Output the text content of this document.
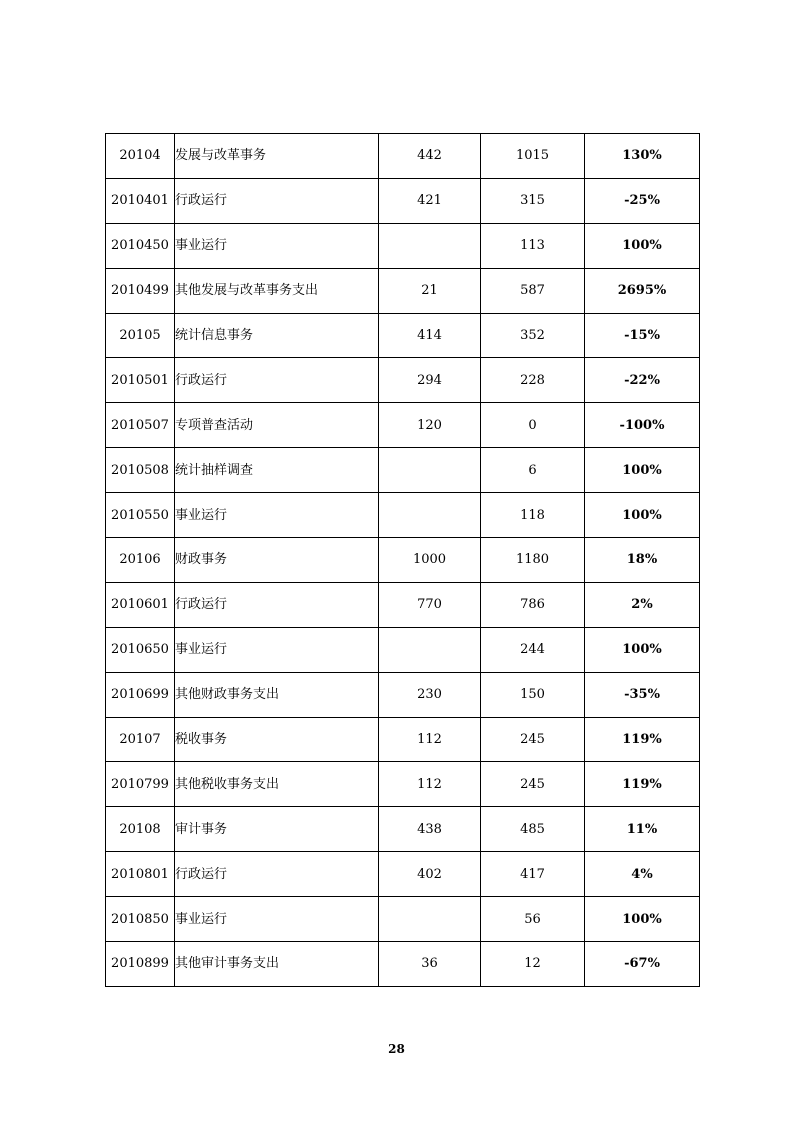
20104	发展与改革事务	442	1015	130%
2010401	行政运行	421	315	-25%
2010450	事业运行		113	100%
2010499	其他发展与改革事务支出	21	587	2695%
20105	统计信息事务	414	352	-15%
2010501	行政运行	294	228	-22%
2010507	专项普查活动	120	0	-100%
2010508	统计抽样调查		6	100%
2010550	事业运行		118	100%
20106	财政事务	1000	1180	18%
2010601	行政运行	770	786	2%
2010650	事业运行		244	100%
2010699	其他财政事务支出	230	150	-35%
20107	税收事务	112	245	119%
2010799	其他税收事务支出	112	245	119%
20108	审计事务	438	485	11%
2010801	行政运行	402	417	4%
2010850	事业运行		56	100%
2010899	其他审计事务支出	36	12	-67%
28
